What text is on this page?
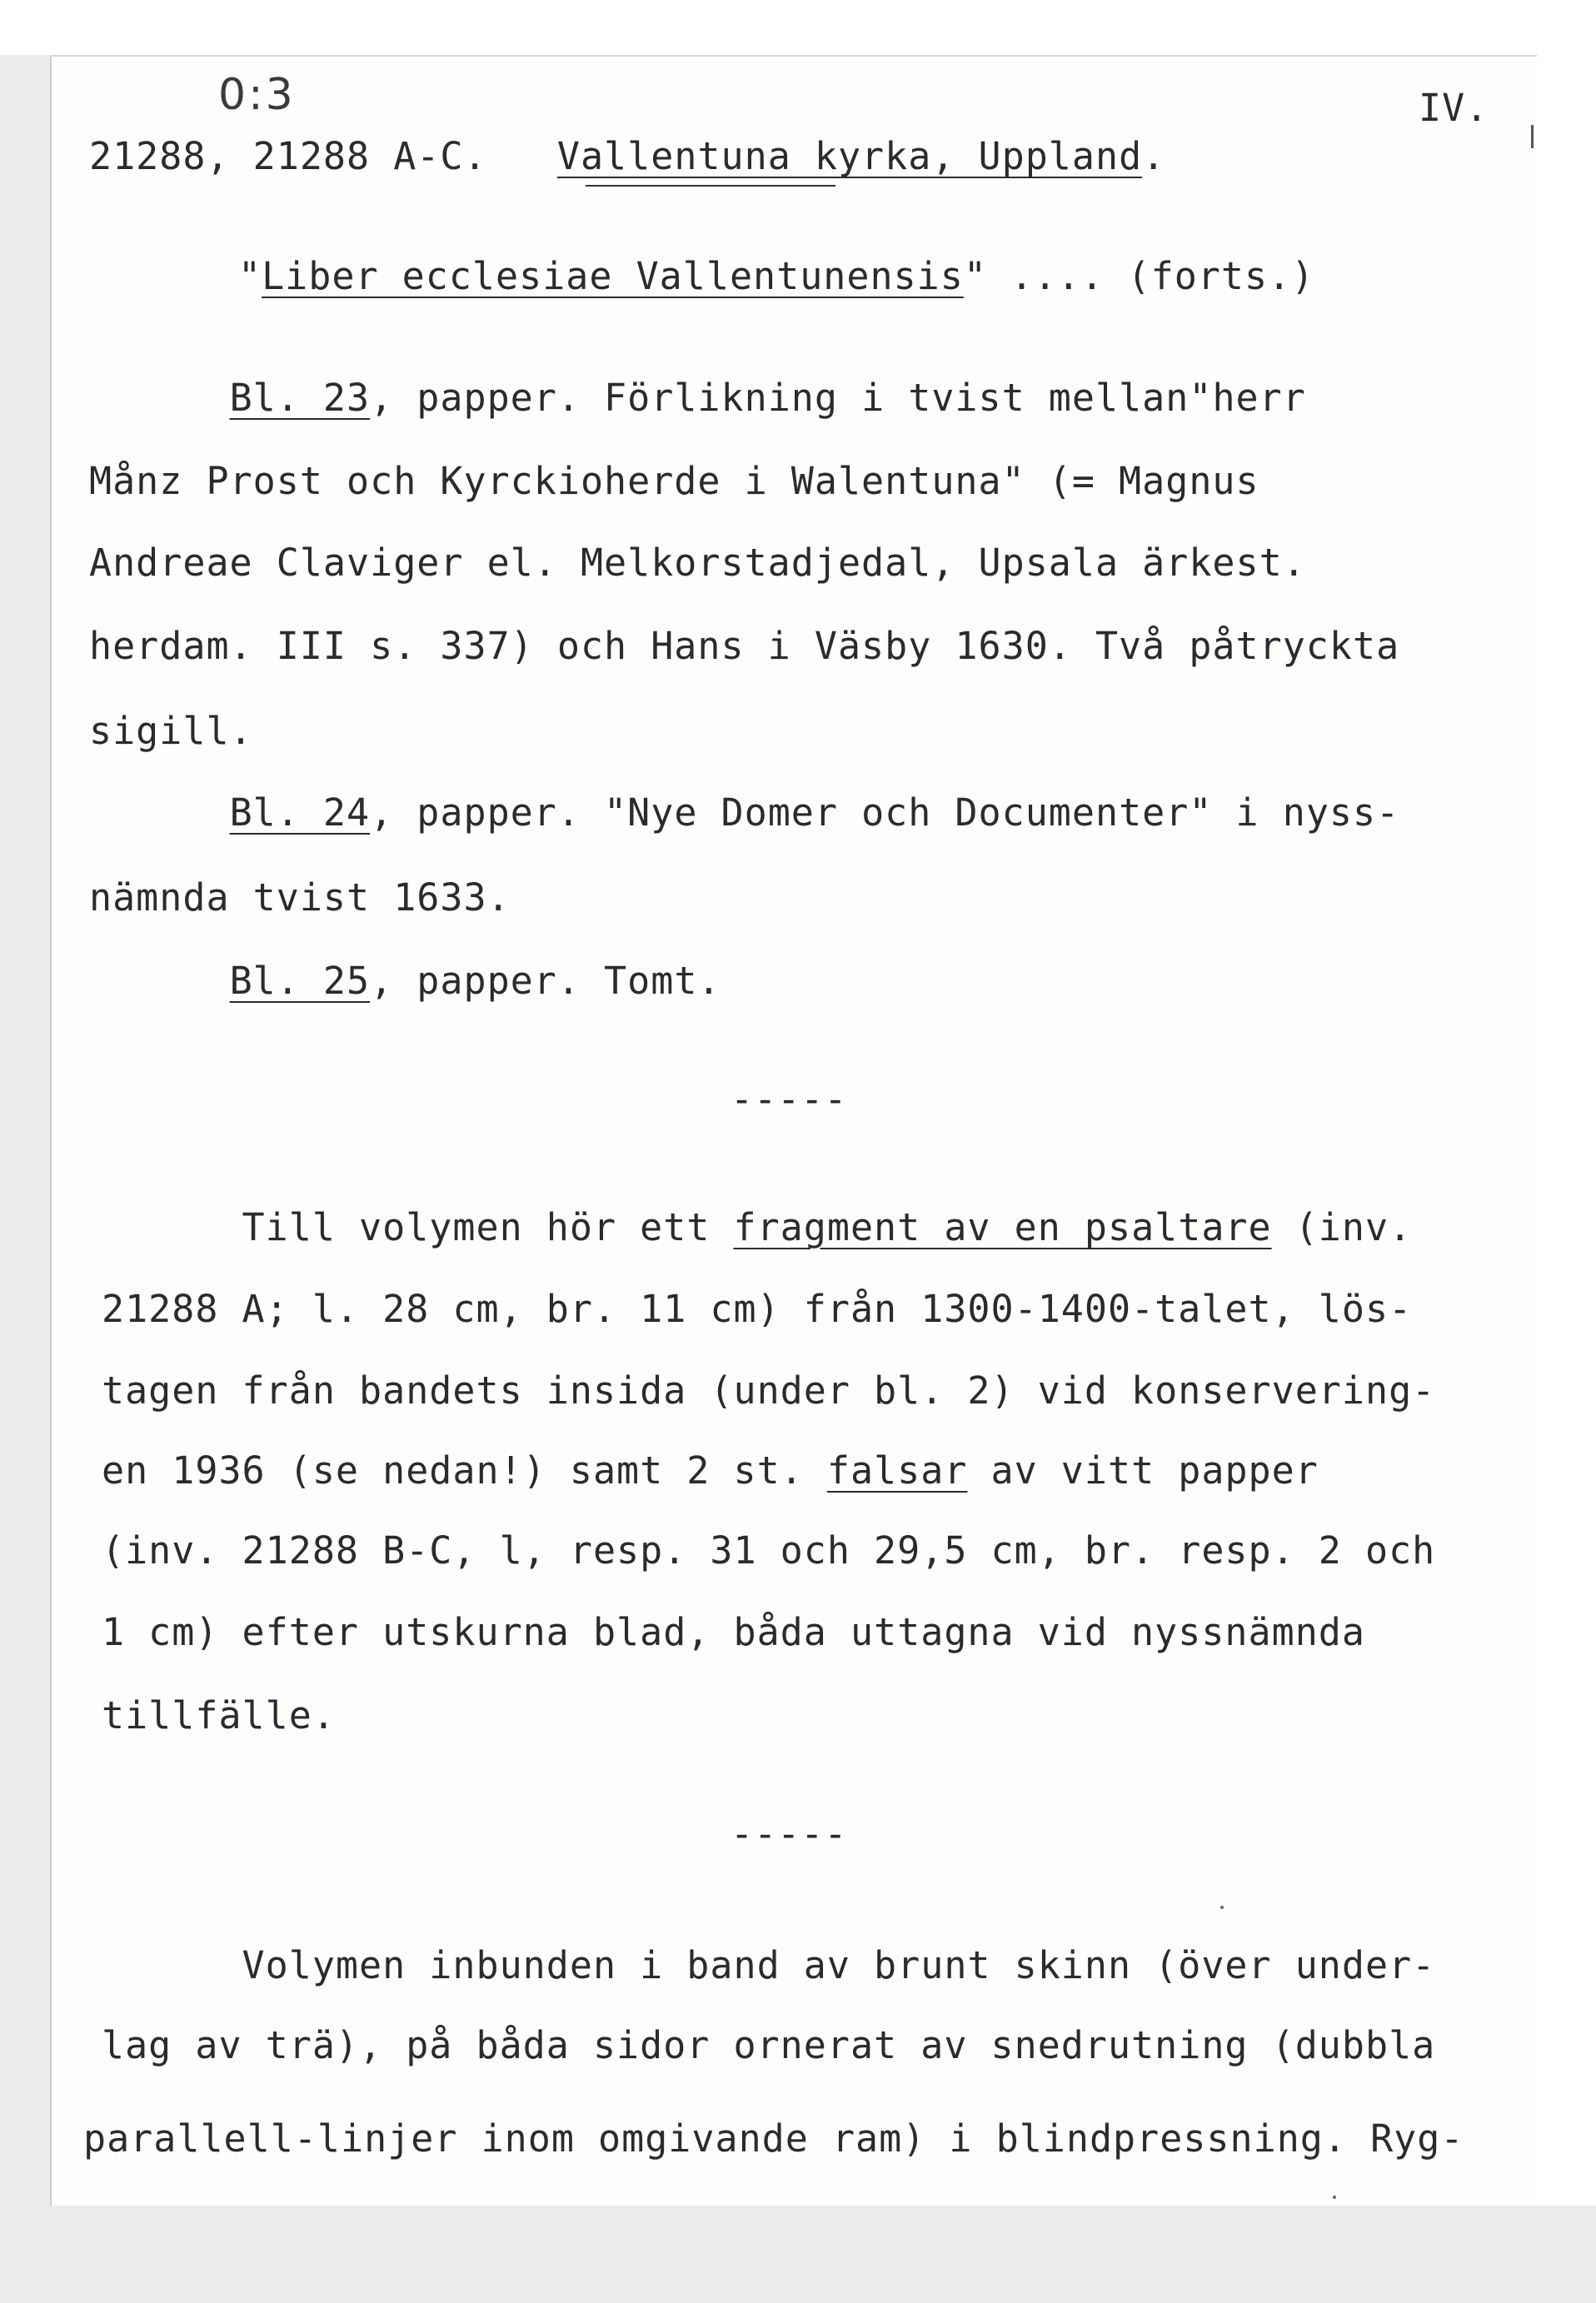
0:3
21288, 21288 A-C. Vallentuna kyrka, Uppland.
IV.
"Liber ecclesiae Vallentunensis" .... (forts.)
Bl. 23, papper. Förlikning i tvist mellan"herr
Månz Prost och Kyrckioherde i Walentuna" (= Magnus
Andreae Claviger el. Melkorstadjedal, Upsala ärkest.
herdam. III s. 337) och Hans i Väsby 1630. Två påtryckta
sigill.
Bl. 24, papper. "Nye Domer och Documenter" i nyss-
nämnda tvist 1633.
Bl. 25, papper. Tomt.
-----
Till volymen hör ett fragment av en psaltare (inv.
21288 A; l. 28 cm, br. 11 cm) från 1300-1400-talet, lös-
tagen från bandets insida (under bl. 2) vid konservering-
en 1936 (se nedan!) samt 2 st. falsar av vitt papper
(inv. 21288 B-C, l, resp. 31 och 29,5 cm, br. resp. 2 och
1 cm) efter utskurna blad, båda uttagna vid nyssnämnda
tillfälle.
-----
Volymen inbunden i band av brunt skinn (över under-
lag av trä), på båda sidor ornerat av snedrutning (dubbla
parallell-linjer inom omgivande ram) i blindpressning. Ryg-
